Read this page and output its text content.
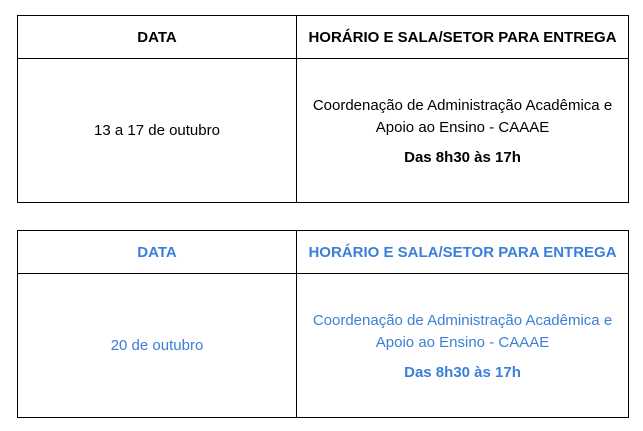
DATA	HORÁRIO E SALA/SETOR PARA ENTREGA
13 a 17 de outubro	Coordenação de Administração Acadêmica e
Apoio ao Ensino - CAAAE
Das 8h30 às 17h
DATA	HORÁRIO E SALA/SETOR PARA ENTREGA
20 de outubro	Coordenação de Administração Acadêmica e
Apoio ao Ensino - CAAAE
Das 8h30 às 17h
